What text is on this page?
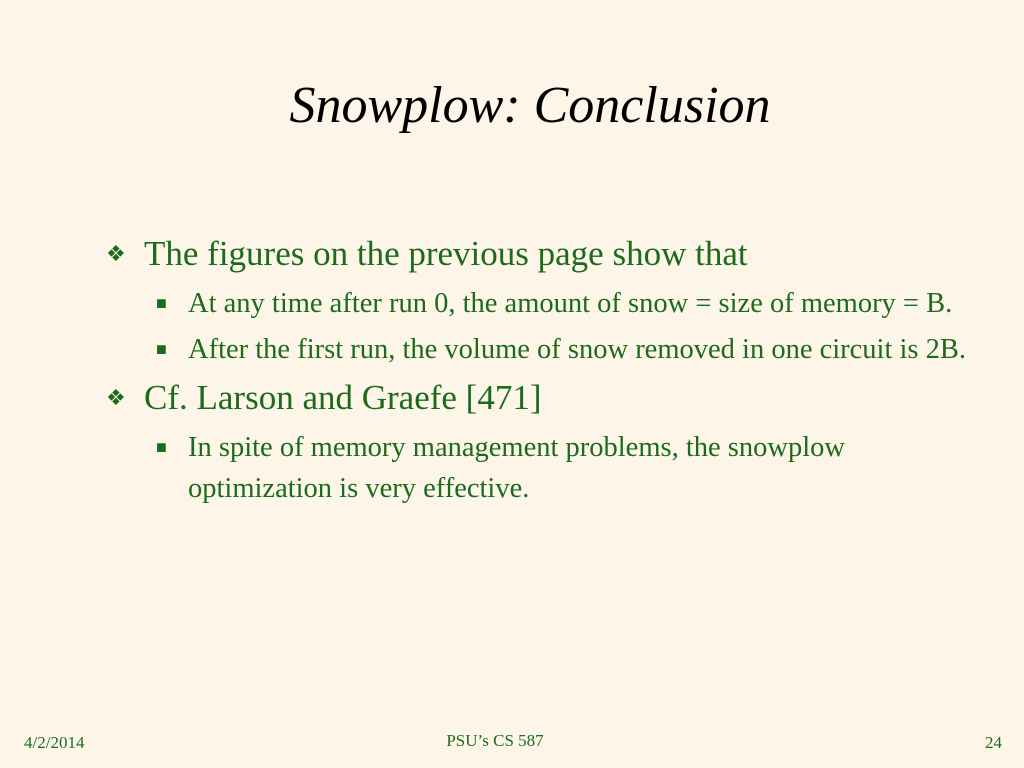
Snowplow: Conclusion
❖ The figures on the previous page show that
■ At any time after run 0, the amount of snow = size of memory = B.
■ After the first run, the volume of snow removed in one circuit is 2B.
❖ Cf. Larson and Graefe [471]
■ In spite of memory management problems, the snowplow optimization is very effective.
4/2/2014	PSU’s CS 587	24
